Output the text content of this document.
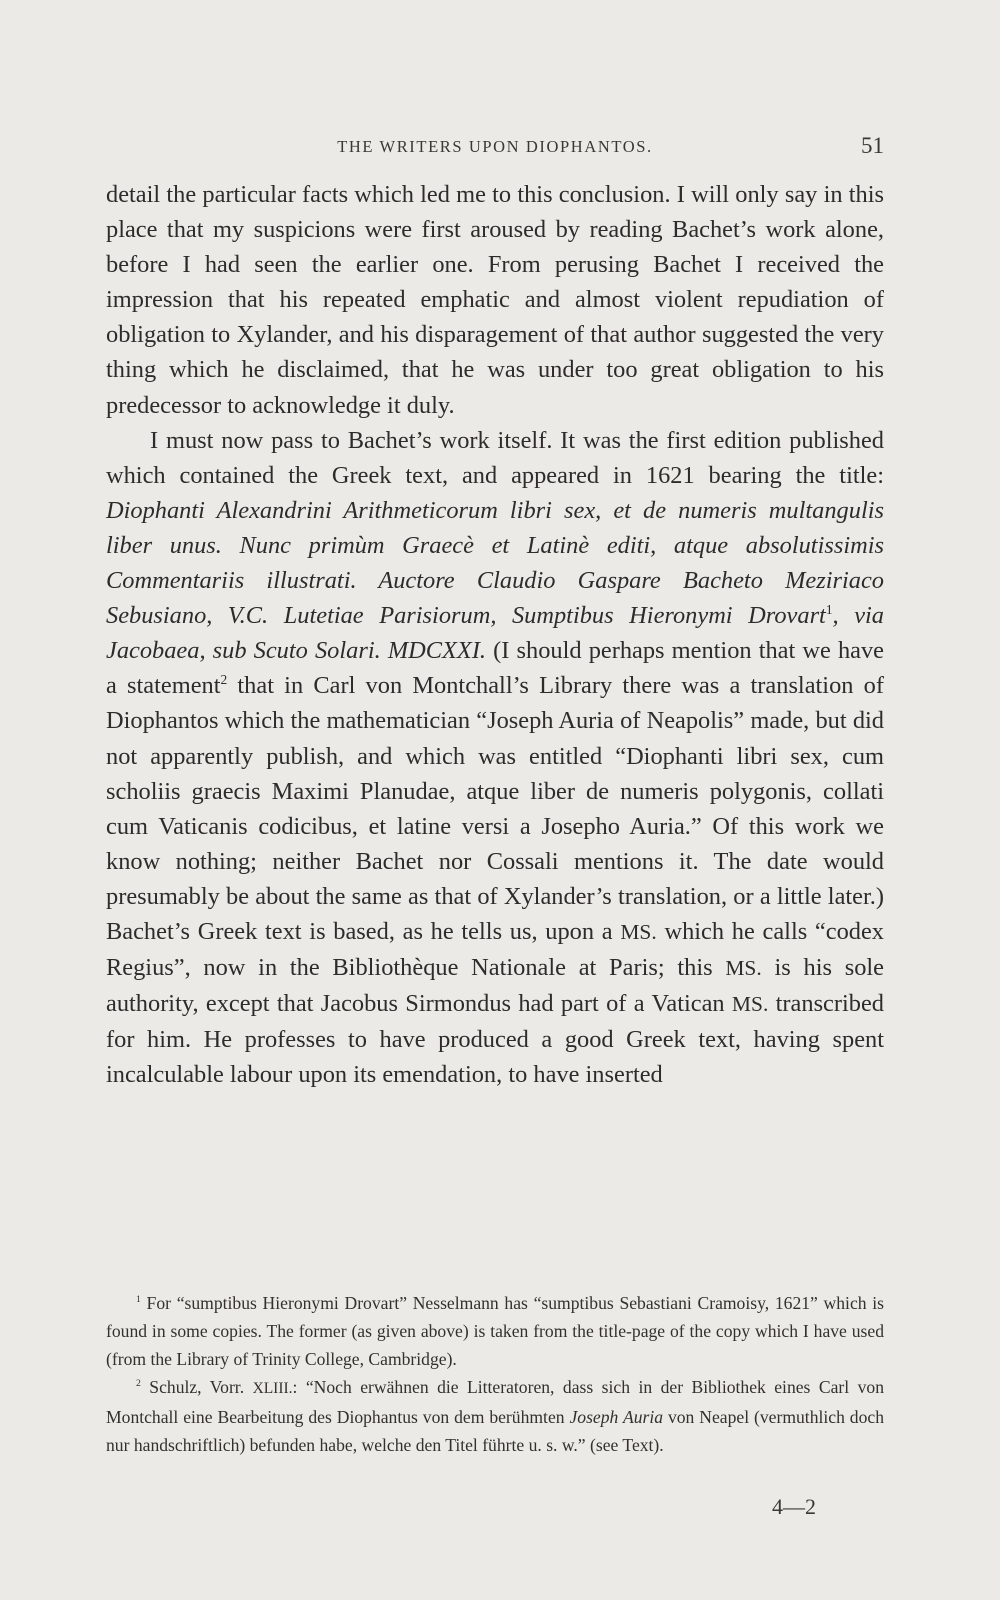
THE WRITERS UPON DIOPHANTOS.	51

detail the particular facts which led me to this conclusion. I will only say in this place that my suspicions were first aroused by reading Bachet’s work alone, before I had seen the earlier one. From perusing Bachet I received the impression that his repeated emphatic and almost violent repudiation of obligation to Xylander, and his disparagement of that author suggested the very thing which he disclaimed, that he was under too great obligation to his predecessor to acknowledge it duly.

I must now pass to Bachet’s work itself. It was the first edition published which contained the Greek text, and appeared in 1621 bearing the title: Diophanti Alexandrini Arithmeticorum libri sex, et de numeris multangulis liber unus. Nunc primùm Graecè et Latinè editi, atque absolutissimis Commentariis illustrati. Auctore Claudio Gaspare Bacheto Meziriaco Sebusiano, V.C. Lutetiae Parisiorum, Sumptibus Hieronymi Drovart$^1$, via Jacobaea, sub Scuto Solari. MDCXXI. (I should perhaps mention that we have a statement$^2$ that in Carl von Montchall’s Library there was a translation of Diophantos which the mathematician “Joseph Auria of Neapolis” made, but did not apparently publish, and which was entitled “Diophanti libri sex, cum scholiis graecis Maximi Planudae, atque liber de numeris polygonis, collati cum Vaticanis codicibus, et latine versi a Josepho Auria.” Of this work we know nothing; neither Bachet nor Cossali mentions it. The date would presumably be about the same as that of Xylander’s translation, or a little later.) Bachet’s Greek text is based, as he tells us, upon a MS. which he calls “codex Regius”, now in the Bibliothèque Nationale at Paris; this MS. is his sole authority, except that Jacobus Sirmondus had part of a Vatican MS. transcribed for him. He professes to have produced a good Greek text, having spent incalculable labour upon its emendation, to have inserted

$^1$ For “sumptibus Hieronymi Drovart” Nesselmann has “sumptibus Sebastiani Cramoisy, 1621” which is found in some copies. The former (as given above) is taken from the title-page of the copy which I have used (from the Library of Trinity College, Cambridge).

$^2$ Schulz, Vorr. XLIII.: “Noch erwähnen die Litteratoren, dass sich in der Bibliothek eines Carl von Montchall eine Bearbeitung des Diophantus von dem berühmten Joseph Auria von Neapel (vermuthlich doch nur handschriftlich) befunden habe, welche den Titel führte u. s. w.” (see Text).

4—2
